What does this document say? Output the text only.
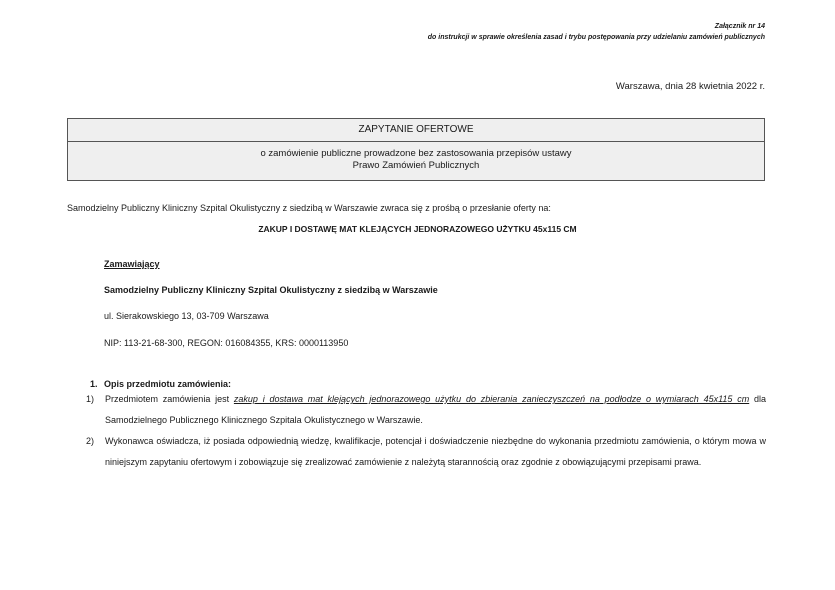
Załącznik nr 14

do instrukcji w sprawie określenia zasad i trybu postępowania przy udzielaniu zamówień publicznych

Warszawa, dnia 28 kwietnia 2022 r.

ZAPYTANIE OFERTOWE
o zamówienie publiczne prowadzone bez zastosowania przepisów ustawy
Prawo Zamówień Publicznych

Samodzielny Publiczny Kliniczny Szpital Okulistyczny z siedzibą w Warszawie zwraca się z prośbą o przesłanie oferty na:

ZAKUP I DOSTAWĘ MAT KLEJĄCYCH JEDNORAZOWEGO UŻYTKU 45x115 CM

Zamawiający

Samodzielny Publiczny Kliniczny Szpital Okulistyczny z siedzibą w Warszawie

ul. Sierakowskiego 13, 03-709 Warszawa

NIP: 113-21-68-300, REGON: 016084355, KRS: 0000113950

1. Opis przedmiotu zamówienia:

1) Przedmiotem zamówienia jest zakup i dostawa mat klejących jednorazowego użytku do zbierania zanieczyszczeń na podłodze o wymiarach 45x115 cm dla Samodzielnego Publicznego Klinicznego Szpitala Okulistycznego w Warszawie.
2) Wykonawca oświadcza, iż posiada odpowiednią wiedzę, kwalifikacje, potencjał i doświadczenie niezbędne do wykonania przedmiotu zamówienia, o którym mowa w niniejszym zapytaniu ofertowym i zobowiązuje się zrealizować zamówienie z należytą starannością oraz zgodnie z obowiązującymi przepisami prawa.
